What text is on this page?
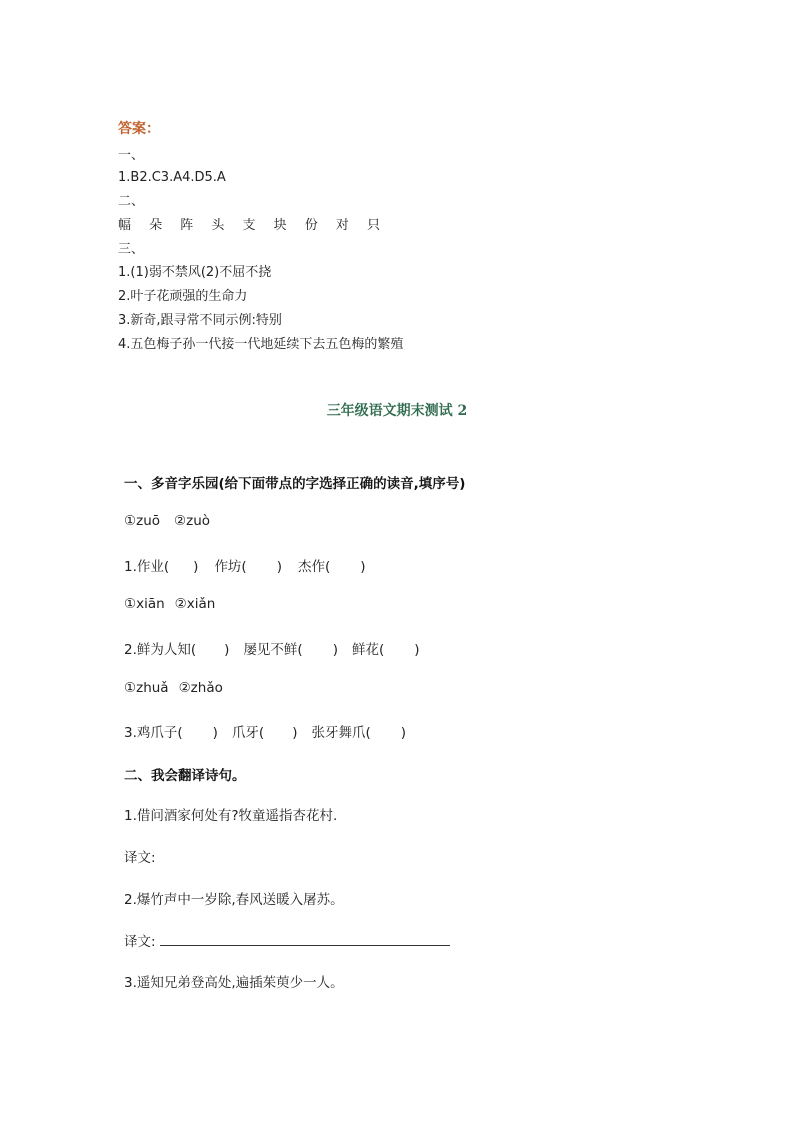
答案：
一、
1.B2.C3.A4.D5.A
二、
幅 朵 阵 头 支 块 份 对 只
三、
1.(1)弱不禁风(2)不屈不挠
2.叶子花顽强的生命力
3.新奇,跟寻常不同示例:特别
4.五色梅子孙一代接一代地延续下去五色梅的繁殖
三年级语文期末测试 2
一、多音字乐园(给下面带点的字选择正确的读音,填序号)
①zuō ②zuò
1.作业( ) 作坊( ) 杰作( )
①xiān ②xiǎn
2.鲜为人知( ) 屡见不鲜( ) 鲜花( )
①zhuǎ ②zhǎo
3.鸡爪子( ) 爪牙( ) 张牙舞爪( )
二、我会翻译诗句。
1.借问酒家何处有?牧童遥指杏花村.
译文:
2.爆竹声中一岁除,春风送暖入屠苏。
译文:
3.遥知兄弟登高处,遍插茱萸少一人。
